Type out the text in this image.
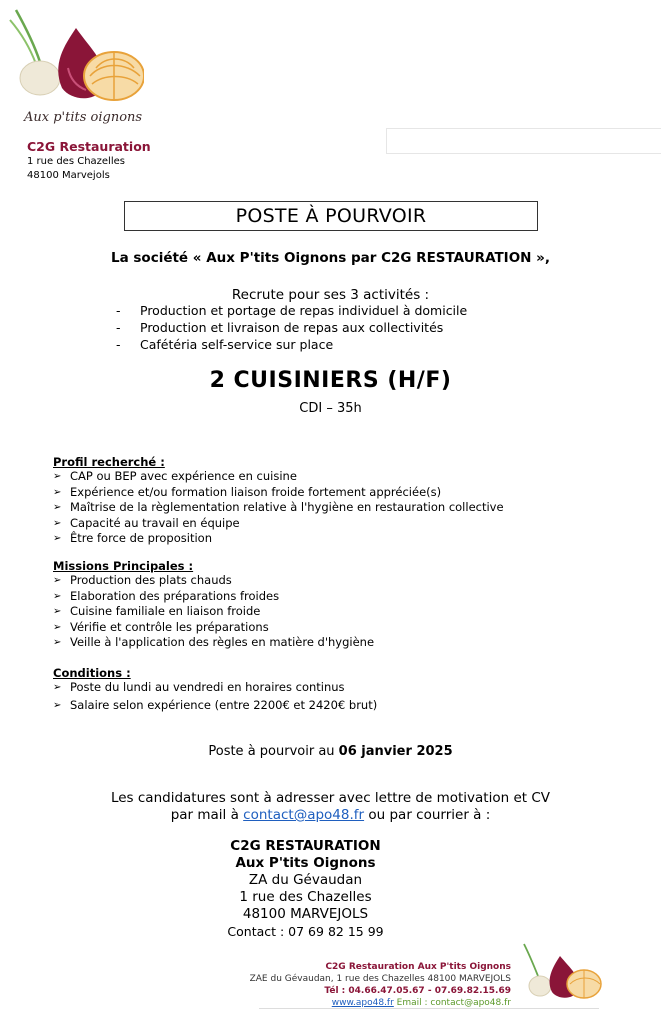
Aux p'tits oignons
C2G Restauration
1 rue des Chazelles
48100 Marvejols
POSTE À POURVOIR
La société « Aux P'tits Oignons par C2G RESTAURATION »,
Recrute pour ses 3 activités :
- Production et portage de repas individuel à domicile
- Production et livraison de repas aux collectivités
- Cafétéria self-service sur place
2 CUISINIERS (H/F)
CDI – 35h
Profil recherché :
➢ CAP ou BEP avec expérience en cuisine
➢ Expérience et/ou formation liaison froide fortement appréciée(s)
➢ Maîtrise de la règlementation relative à l'hygiène en restauration collective
➢ Capacité au travail en équipe
➢ Être force de proposition
Missions Principales :
➢ Production des plats chauds
➢ Elaboration des préparations froides
➢ Cuisine familiale en liaison froide
➢ Vérifie et contrôle les préparations
➢ Veille à l'application des règles en matière d'hygiène
Conditions :
➢ Poste du lundi au vendredi en horaires continus
➢ Salaire selon expérience (entre 2200€ et 2420€ brut)
Poste à pourvoir au 06 janvier 2025
Les candidatures sont à adresser avec lettre de motivation et CV
par mail à contact@apo48.fr ou par courrier à :
C2G RESTAURATION
Aux P'tits Oignons
ZA du Gévaudan
1 rue des Chazelles
48100 MARVEJOLS
Contact : 07 69 82 15 99
C2G Restauration Aux P'tits Oignons
ZAE du Gévaudan, 1 rue des Chazelles 48100 MARVEJOLS
Tél : 04.66.47.05.67 - 07.69.82.15.69
www.apo48.fr Email : contact@apo48.fr
